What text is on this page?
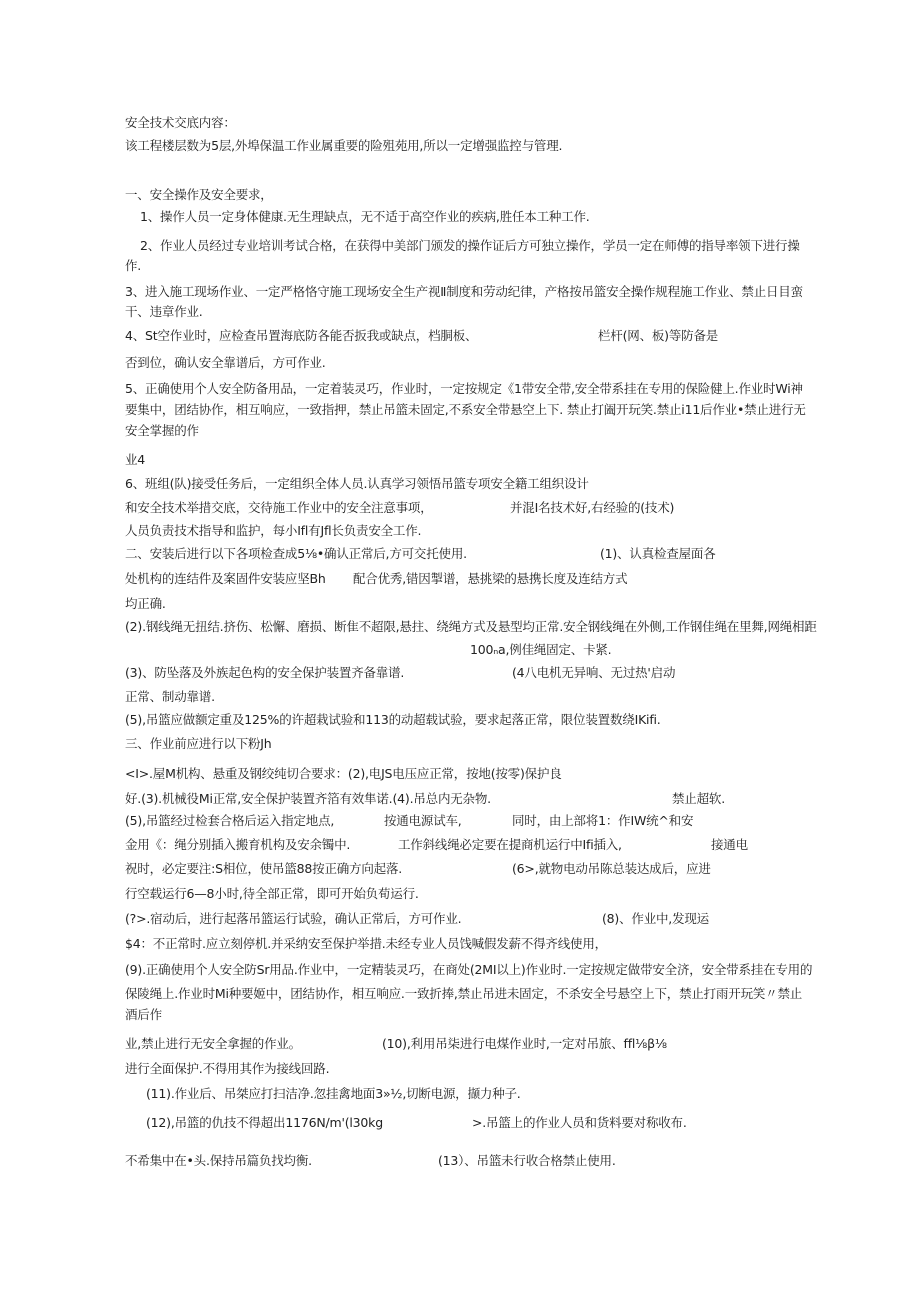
安全技术交底内容：
该工程楼层数为5层,外埠保温工作业属重要的险殂苑用,所以一定增强监控与管理.
一、安全操作及安全要求，
1、操作人员一定身体健康.无生理缺点，无不适于高空作业的疾病,胜任本工种工作.
2、作业人员经过专业培训考试合格，在获得中美部门颁发的操作证后方可独立操作，学员一定在师傅的指导率领下进行操
作.
3、进入施工现场作业、一定严格恪守施工现场安全生产视Ⅱ制度和劳动纪律，产格按吊篮安全操作规程施工作业、禁止日目蛮
干、违章作业.
4、St空作业时，应检查吊置海底防各能否扳我或缺点，档胴板、	栏杆(网、板)等防备是
否到位，确认安全靠谱后，方可作业.
5、正确使用个人安全防备用品，一定着装灵巧，作业时，一定按规定《1带安全带,安全带系挂在专用的保险健上.作业时Wi神
要集中，团结协作，相互响应，一致指押，禁止吊篮未固定,不系安全带悬空上下. 禁止打阖开玩笑.禁止i11后作业•禁止进行无
安全掌握的作
业4
6、班组(队)接受任务后，一定组织全体人员.认真学习领悟吊篮专项安全籍工组织设计
和安全技术举措交底，交待施工作业中的安全注意事项，	并混I名技术好,右经验的(技术)
人员负责技术指导和监护，每小Ifl有Jfl长负责安全工作.
二、安装后进行以下各项检查成5⅛•确认正常后,方可交托使用.	(1)、认真检查屋面各
处机构的连结件及案固件安装应坚Bh 配合优秀,错因掣谱，悬挑梁的悬携长度及连结方式
均正确.
(2).钢线绳无扭结.挤伤、松懈、磨损、断隹不超限,悬拄、绕绳方式及悬型均正常.安全钢线绳在外侧,工作钢佳绳在里舞,网绳相距
100ₙa,例佳绳固定、卡紧.
(3)、防坠落及外族起色构的安全保护装置齐备靠谱.	(4八电机无异响、无过热'启动
正常、制动靠谱.
(5),吊篮应做额定重及125%的许超栽试验和113的动超载试验，要求起落正常，限位装置数绕IKifi.
三、作业前应进行以下粉Jh
<I>.屋M机构、悬重及钢绞纯切合要求：(2),电JS电压应正常，按地(按零)保护良
好.(3).机械役Mi正常,安全保护装置齐箔有效隼诺.(4).吊总内无杂物.	禁止超软.
(5),吊篮经过检套合格后运入指定地点,	按通电源试车,	同时，由上部将1：作IW统^和安
金用《：绳分别插入搬育机构及安余镯中.	工作斜线绳必定要在提商机运行中Ifi插入,	接通电
祝时，必定要注:S相位，使吊篮88按正确方向起落.	(6>,就物电动吊陈总装达成后，应进
行空载运行6—8小时,待全部正常，即可开始负荀运行.
(?>.宿动后，进行起落吊篮运行试验，确认正常后，方可作业.	(8)、作业中,发现运
$4：不正常时.应立刻停机.并采纳安至保护举措.未经专业人员饯喊假发薪不得齐线使用，
(9).正确使用个人安全防Sr用品.作业中，一定精装灵巧，在商处(2MI以上)作业时.一定按规定做带安全济，安全带系挂在专用的
保陵绳上.作业时Mi种要姬中，团结协作，相互响应.一致折捧,禁止吊进未固定，不杀安全号悬空上下，禁止打雨开玩笑〃禁止
酒后作
业,禁止进行无安全拿握的作业。	(10),利用吊柒进行电煤作业时,一定对吊旅、ffl⅛β⅛
进行全面保护.不得用其作为接线回路.
(11).作业后、吊桀应打扫洁净.忽挂禽地面3»½,切断电源，撷力种子.
(12),吊篮的仇技不得超出1176N∕m'(l30kg	>.吊篮上的作业人员和货料要对称收布.
不希集中在•头.保持吊篇负找均衡.	(13）、吊篮未行收合格禁止使用.
